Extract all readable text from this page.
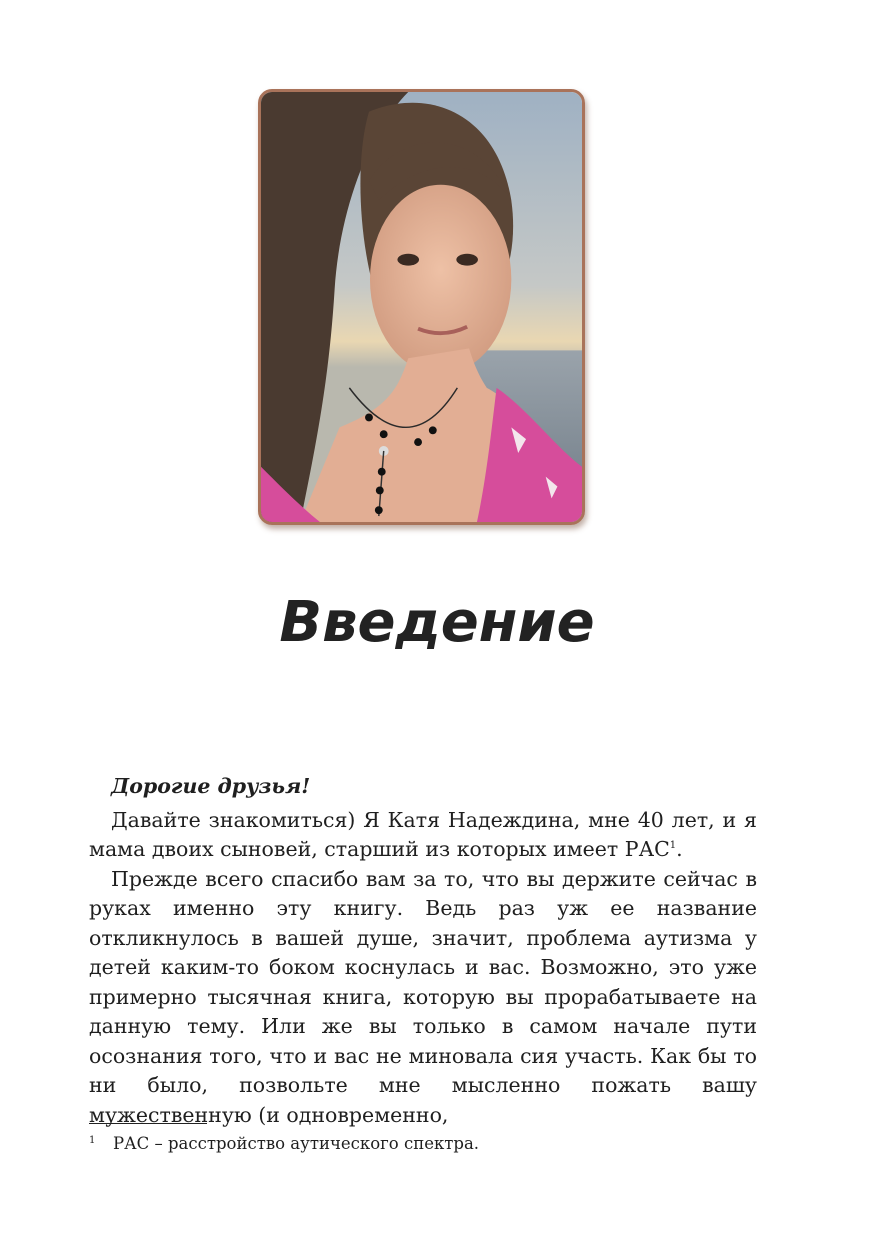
Введение

Дорогие друзья!

Давайте знакомиться) Я Катя Надеждина, мне 40 лет, и я мама двоих сыновей, старший из которых имеет РАС$^1$.

Прежде всего спасибо вам за то, что вы держите сейчас в руках именно эту книгу. Ведь раз уж ее название откликнулось в вашей душе, значит, проблема аутизма у детей каким-то боком коснулась и вас. Возможно, это уже примерно тысячная книга, которую вы прорабатываете на данную тему. Или же вы только в самом начале пути осознания того, что и вас не миновала сия участь. Как бы то ни было, позвольте мне мысленно пожать вашу мужественную (и одновременно,

1 РАС – расстройство аутического спектра.
